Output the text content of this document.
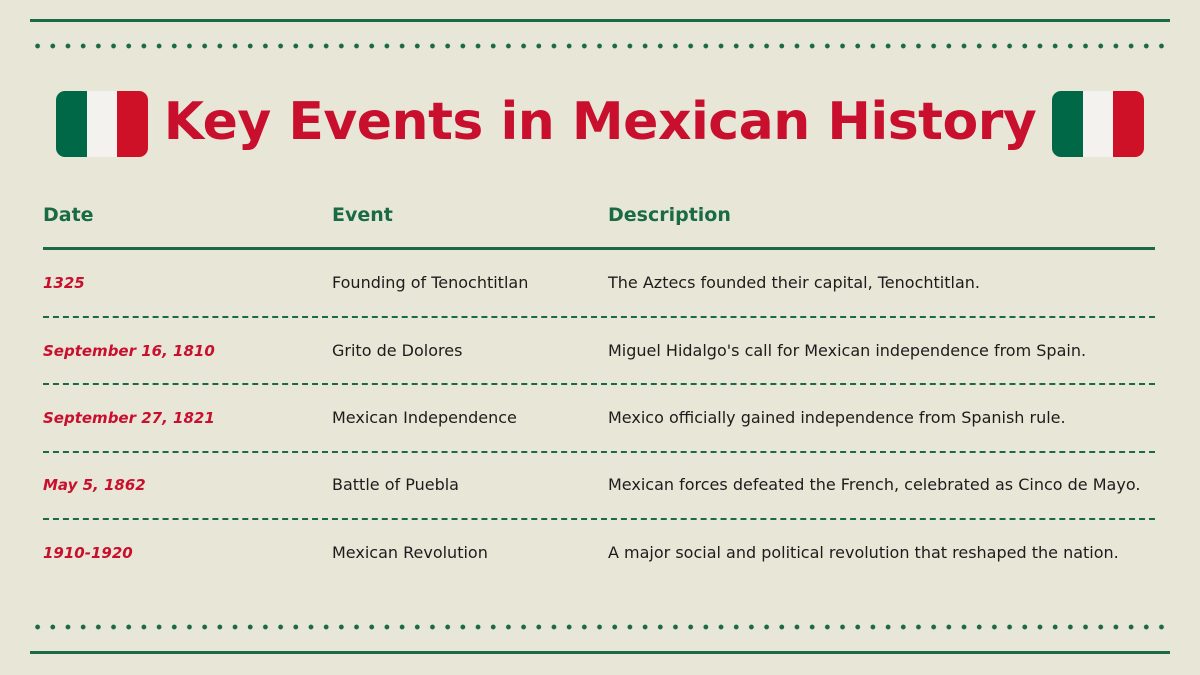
Key Events in Mexican History
Date	Event	Description
1325	Founding of Tenochtitlan	The Aztecs founded their capital, Tenochtitlan.
September 16, 1810	Grito de Dolores	Miguel Hidalgo's call for Mexican independence from Spain.
September 27, 1821	Mexican Independence	Mexico officially gained independence from Spanish rule.
May 5, 1862	Battle of Puebla	Mexican forces defeated the French, celebrated as Cinco de Mayo.
1910-1920	Mexican Revolution	A major social and political revolution that reshaped the nation.
